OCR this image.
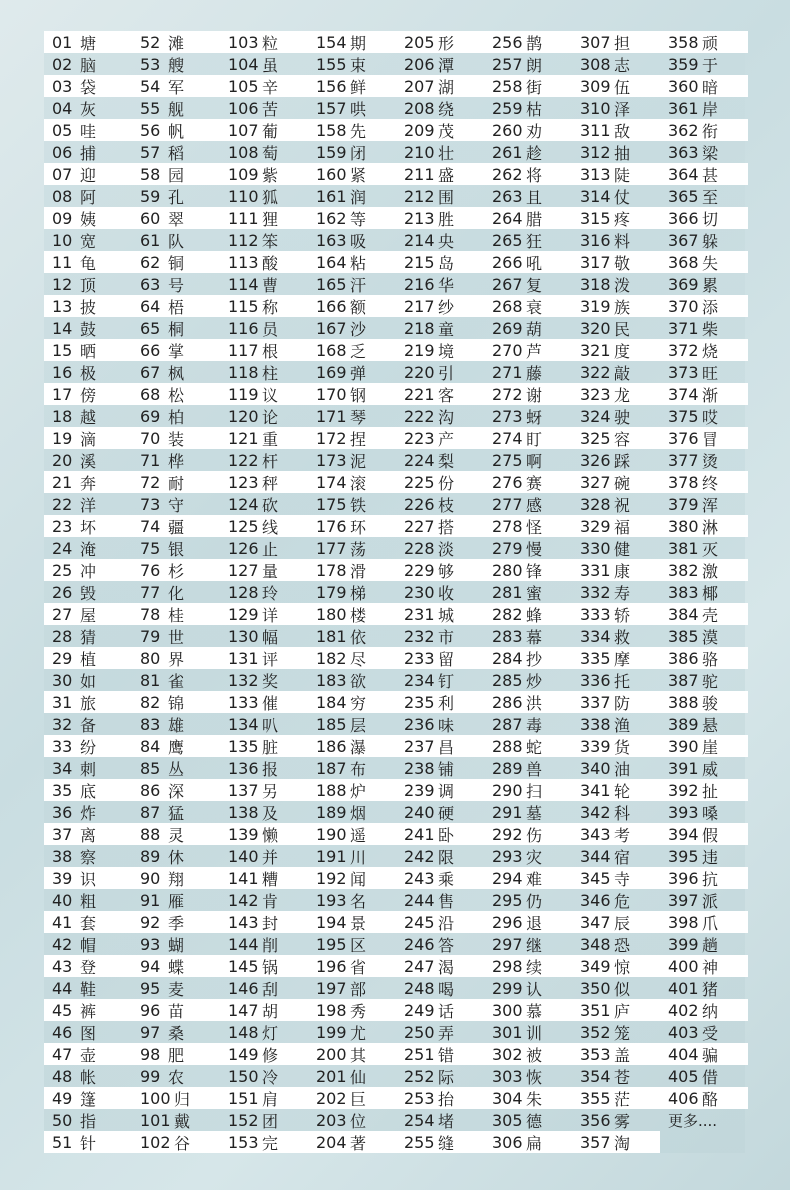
01 塘
02 脑
03 袋
04 灰
05 哇
06 捕
07 迎
08 阿
09 姨
10 宽
11 龟
12 顶
13 披
14 鼓
15 晒
16 极
17 傍
18 越
19 滴
20 溪
21 奔
22 洋
23 坏
24 淹
25 冲
26 毁
27 屋
28 猜
29 植
30 如
31 旅
32 备
33 纷
34 刺
35 底
36 炸
37 离
38 察
39 识
40 粗
41 套
42 帽
43 登
44 鞋
45 裤
46 图
47 壶
48 帐
49 篷
50 指
51 针
52 滩
53 艘
54 军
55 舰
56 帆
57 稻
58 园
59 孔
60 翠
61 队
62 铜
63 号
64 梧
65 桐
66 掌
67 枫
68 松
69 柏
70 装
71 桦
72 耐
73 守
74 疆
75 银
76 杉
77 化
78 桂
79 世
80 界
81 雀
82 锦
83 雄
84 鹰
85 丛
86 深
87 猛
88 灵
89 休
90 翔
91 雁
92 季
93 蝴
94 蝶
95 麦
96 苗
97 桑
98 肥
99 农
100 归
101 戴
102 谷
103 粒
104 虽
105 辛
106 苦
107 葡
108 萄
109 紫
110 狐
111 狸
112 笨
113 酸
114 曹
115 称
116 员
117 根
118 柱
119 议
120 论
121 重
122 杆
123 秤
124 砍
125 线
126 止
127 量
128 玲
129 详
130 幅
131 评
132 奖
133 催
134 叭
135 脏
136 报
137 另
138 及
139 懒
140 并
141 糟
142 肯
143 封
144 削
145 锅
146 刮
147 胡
148 灯
149 修
150 冷
151 肩
152 团
153 完
154 期
155 束
156 鲜
157 哄
158 先
159 闭
160 紧
161 润
162 等
163 吸
164 粘
165 汗
166 额
167 沙
168 乏
169 弹
170 钢
171 琴
172 捏
173 泥
174 滚
175 铁
176 环
177 荡
178 滑
179 梯
180 楼
181 依
182 尽
183 欲
184 穷
185 层
186 瀑
187 布
188 炉
189 烟
190 遥
191 川
192 闻
193 名
194 景
195 区
196 省
197 部
198 秀
199 尤
200 其
201 仙
202 巨
203 位
204 著
205 形
206 潭
207 湖
208 绕
209 茂
210 壮
211 盛
212 围
213 胜
214 央
215 岛
216 华
217 纱
218 童
219 境
220 引
221 客
222 沟
223 产
224 梨
225 份
226 枝
227 搭
228 淡
229 够
230 收
231 城
232 市
233 留
234 钉
235 利
236 味
237 昌
238 铺
239 调
240 硬
241 卧
242 限
243 乘
244 售
245 沿
246 答
247 渴
248 喝
249 话
250 弄
251 错
252 际
253 抬
254 堵
255 缝
256 鹊
257 朗
258 街
259 枯
260 劝
261 趁
262 将
263 且
264 腊
265 狂
266 吼
267 复
268 衰
269 葫
270 芦
271 藤
272 谢
273 蚜
274 盯
275 啊
276 赛
277 感
278 怪
279 慢
280 锋
281 蜜
282 蜂
283 幕
284 抄
285 炒
286 洪
287 毒
288 蛇
289 兽
290 扫
291 墓
292 伤
293 灾
294 难
295 仍
296 退
297 继
298 续
299 认
300 慕
301 训
302 被
303 恢
304 朱
305 德
306 扁
307 担
308 志
309 伍
310 泽
311 敌
312 抽
313 陡
314 仗
315 疼
316 料
317 敬
318 泼
319 族
320 民
321 度
322 敲
323 龙
324 驶
325 容
326 踩
327 碗
328 祝
329 福
330 健
331 康
332 寿
333 轿
334 救
335 摩
336 托
337 防
338 渔
339 货
340 油
341 轮
342 科
343 考
344 宿
345 寺
346 危
347 辰
348 恐
349 惊
350 似
351 庐
352 笼
353 盖
354 苍
355 茫
356 雾
357 淘
358 顽
359 于
360 暗
361 岸
362 衔
363 梁
364 甚
365 至
366 切
367 躲
368 失
369 累
370 添
371 柴
372 烧
373 旺
374 渐
375 哎
376 冒
377 烫
378 终
379 浑
380 淋
381 灭
382 激
383 椰
384 壳
385 漠
386 骆
387 驼
388 骏
389 悬
390 崖
391 威
392 扯
393 嗓
394 假
395 违
396 抗
397 派
398 爪
399 趟
400 神
401 猪
402 纳
403 受
404 骗
405 借
406 酪
更多....
